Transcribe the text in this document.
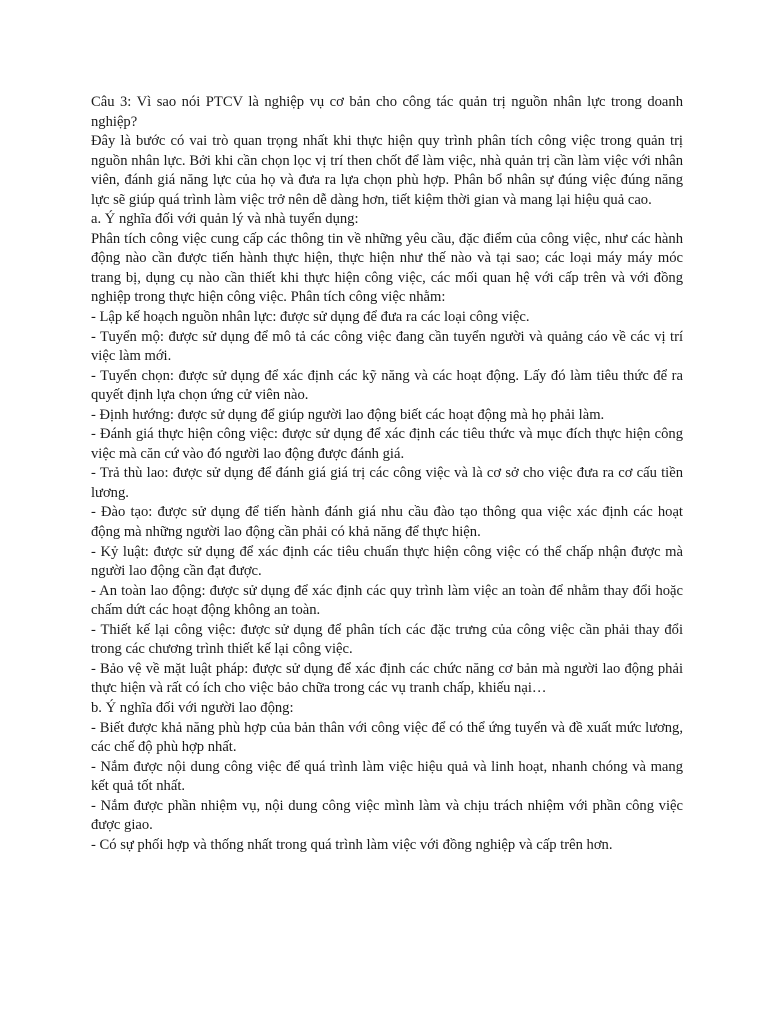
Câu 3: Vì sao nói PTCV là nghiệp vụ cơ bản cho công tác quản trị nguồn nhân lực trong doanh nghiệp?

Đây là bước có vai trò quan trọng nhất khi thực hiện quy trình phân tích công việc trong quản trị nguồn nhân lực. Bởi khi cần chọn lọc vị trí then chốt để làm việc, nhà quản trị cần làm việc với nhân viên, đánh giá năng lực của họ và đưa ra lựa chọn phù hợp. Phân bổ nhân sự đúng việc đúng năng lực sẽ giúp quá trình làm việc trở nên dễ dàng hơn, tiết kiệm thời gian và mang lại hiệu quả cao.

a. Ý nghĩa đối với quản lý và nhà tuyển dụng:

Phân tích công việc cung cấp các thông tin về những yêu cầu, đặc điểm của công việc, như các hành động nào cần được tiến hành thực hiện, thực hiện như thế nào và tại sao; các loại máy máy móc trang bị, dụng cụ nào cần thiết khi thực hiện công việc, các mối quan hệ với cấp trên và với đồng nghiệp trong thực hiện công việc. Phân tích công việc nhằm:

- Lập kế hoạch nguồn nhân lực: được sử dụng để đưa ra các loại công việc.

- Tuyển mộ: được sử dụng để mô tả các công việc đang cần tuyển người và quảng cáo về các vị trí việc làm mới.

- Tuyển chọn: được sử dụng để xác định các kỹ năng và các hoạt động. Lấy đó làm tiêu thức để ra quyết định lựa chọn ứng cử viên nào.

- Định hướng: được sử dụng để giúp người lao động biết các hoạt động mà họ phải làm.

- Đánh giá thực hiện công việc: được sử dụng để xác định các tiêu thức và mục đích thực hiện công việc mà căn cứ vào đó người lao động được đánh giá.

- Trả thù lao: được sử dụng để đánh giá giá trị các công việc và là cơ sở cho việc đưa ra cơ cấu tiền lương.

- Đào tạo: được sử dụng để tiến hành đánh giá nhu cầu đào tạo thông qua việc xác định các hoạt động mà những người lao động cần phải có khả năng để thực hiện.

- Kỷ luật: được sử dụng để xác định các tiêu chuẩn thực hiện công việc có thể chấp nhận được mà người lao động cần đạt được.

- An toàn lao động: được sử dụng để xác định các quy trình làm việc an toàn để nhằm thay đổi hoặc chấm dứt các hoạt động không an toàn.

- Thiết kế lại công việc: được sử dụng để phân tích các đặc trưng của công việc cần phải thay đổi trong các chương trình thiết kế lại công việc.

- Bảo vệ về mặt luật pháp: được sử dụng để xác định các chức năng cơ bản mà người lao động phải thực hiện và rất có ích cho việc bảo chữa trong các vụ tranh chấp, khiếu nại…

b. Ý nghĩa đối với người lao động:

- Biết được khả năng phù hợp của bản thân với công việc để có thể ứng tuyển và đề xuất mức lương, các chế độ phù hợp nhất.

- Nắm được nội dung công việc để quá trình làm việc hiệu quả và linh hoạt, nhanh chóng và mang kết quả tốt nhất.

- Nắm được phần nhiệm vụ, nội dung công việc mình làm và chịu trách nhiệm với phần công việc được giao.

- Có sự phối hợp và thống nhất trong quá trình làm việc với đồng nghiệp và cấp trên hơn.
